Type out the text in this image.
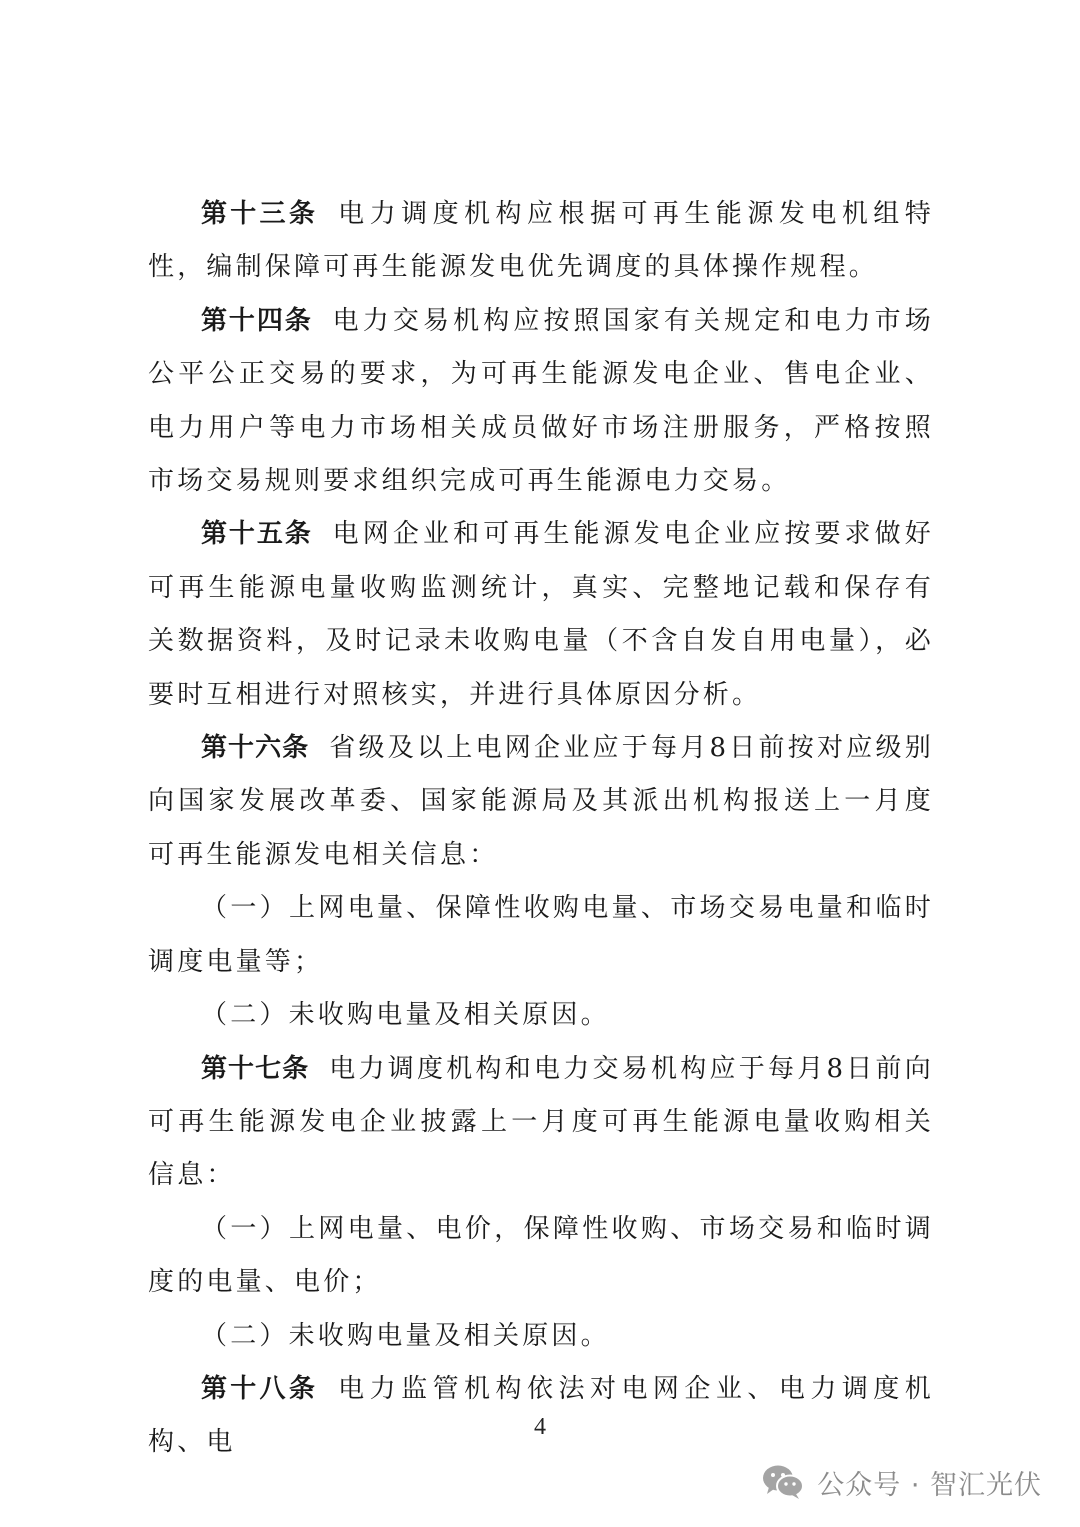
第十三条 电力调度机构应根据可再生能源发电机组特性，编制保障可再生能源发电优先调度的具体操作规程。

第十四条 电力交易机构应按照国家有关规定和电力市场公平公正交易的要求，为可再生能源发电企业、售电企业、电力用户等电力市场相关成员做好市场注册服务，严格按照市场交易规则要求组织完成可再生能源电力交易。

第十五条 电网企业和可再生能源发电企业应按要求做好可再生能源电量收购监测统计，真实、完整地记载和保存有关数据资料，及时记录未收购电量（不含自发自用电量），必要时互相进行对照核实，并进行具体原因分析。

第十六条 省级及以上电网企业应于每月8日前按对应级别向国家发展改革委、国家能源局及其派出机构报送上一月度可再生能源发电相关信息：

（一）上网电量、保障性收购电量、市场交易电量和临时调度电量等；

（二）未收购电量及相关原因。

第十七条 电力调度机构和电力交易机构应于每月8日前向可再生能源发电企业披露上一月度可再生能源电量收购相关信息：

（一）上网电量、电价，保障性收购、市场交易和临时调度的电量、电价；

（二）未收购电量及相关原因。

第十八条 电力监管机构依法对电网企业、电力调度机构、电

4
公众号 · 智汇光伏
